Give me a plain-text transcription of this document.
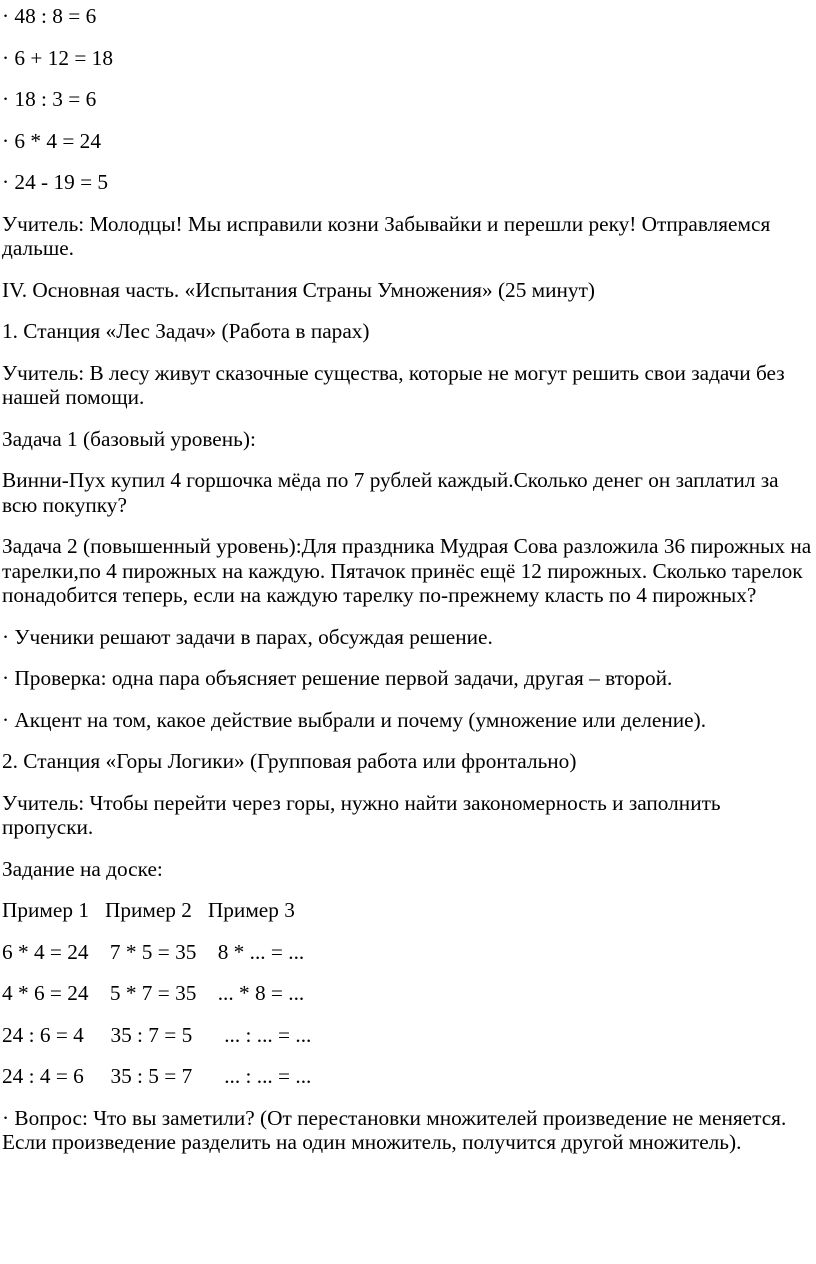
· 48 : 8 = 6

· 6 + 12 = 18

· 18 : 3 = 6

· 6 * 4 = 24

· 24 - 19 = 5

Учитель: Молодцы! Мы исправили козни Забывайки и перешли реку! Отправляемся дальше.

IV. Основная часть. «Испытания Страны Умножения» (25 минут)

1. Станция «Лес Задач» (Работа в парах)

Учитель: В лесу живут сказочные существа, которые не могут решить свои задачи без нашей помощи.

Задача 1 (базовый уровень):

Винни-Пух купил 4 горшочка мёда по 7 рублей каждый.Сколько денег он заплатил за всю покупку?

Задача 2 (повышенный уровень):Для праздника Мудрая Сова разложила 36 пирожных на тарелки,по 4 пирожных на каждую. Пятачок принёс ещё 12 пирожных. Сколько тарелок понадобится теперь, если на каждую тарелку по-прежнему класть по 4 пирожных?

· Ученики решают задачи в парах, обсуждая решение.

· Проверка: одна пара объясняет решение первой задачи, другая – второй.

· Акцент на том, какое действие выбрали и почему (умножение или деление).

2. Станция «Горы Логики» (Групповая работа или фронтально)

Учитель: Чтобы перейти через горы, нужно найти закономерность и заполнить пропуски.

Задание на доске:

Пример 1   Пример 2   Пример 3

6 * 4 = 24    7 * 5 = 35    8 * ... = ...

4 * 6 = 24    5 * 7 = 35    ... * 8 = ...

24 : 6 = 4     35 : 7 = 5      ... : ... = ...

24 : 4 = 6     35 : 5 = 7      ... : ... = ...

· Вопрос: Что вы заметили? (От перестановки множителей произведение не меняется. Если произведение разделить на один множитель, получится другой множитель).
